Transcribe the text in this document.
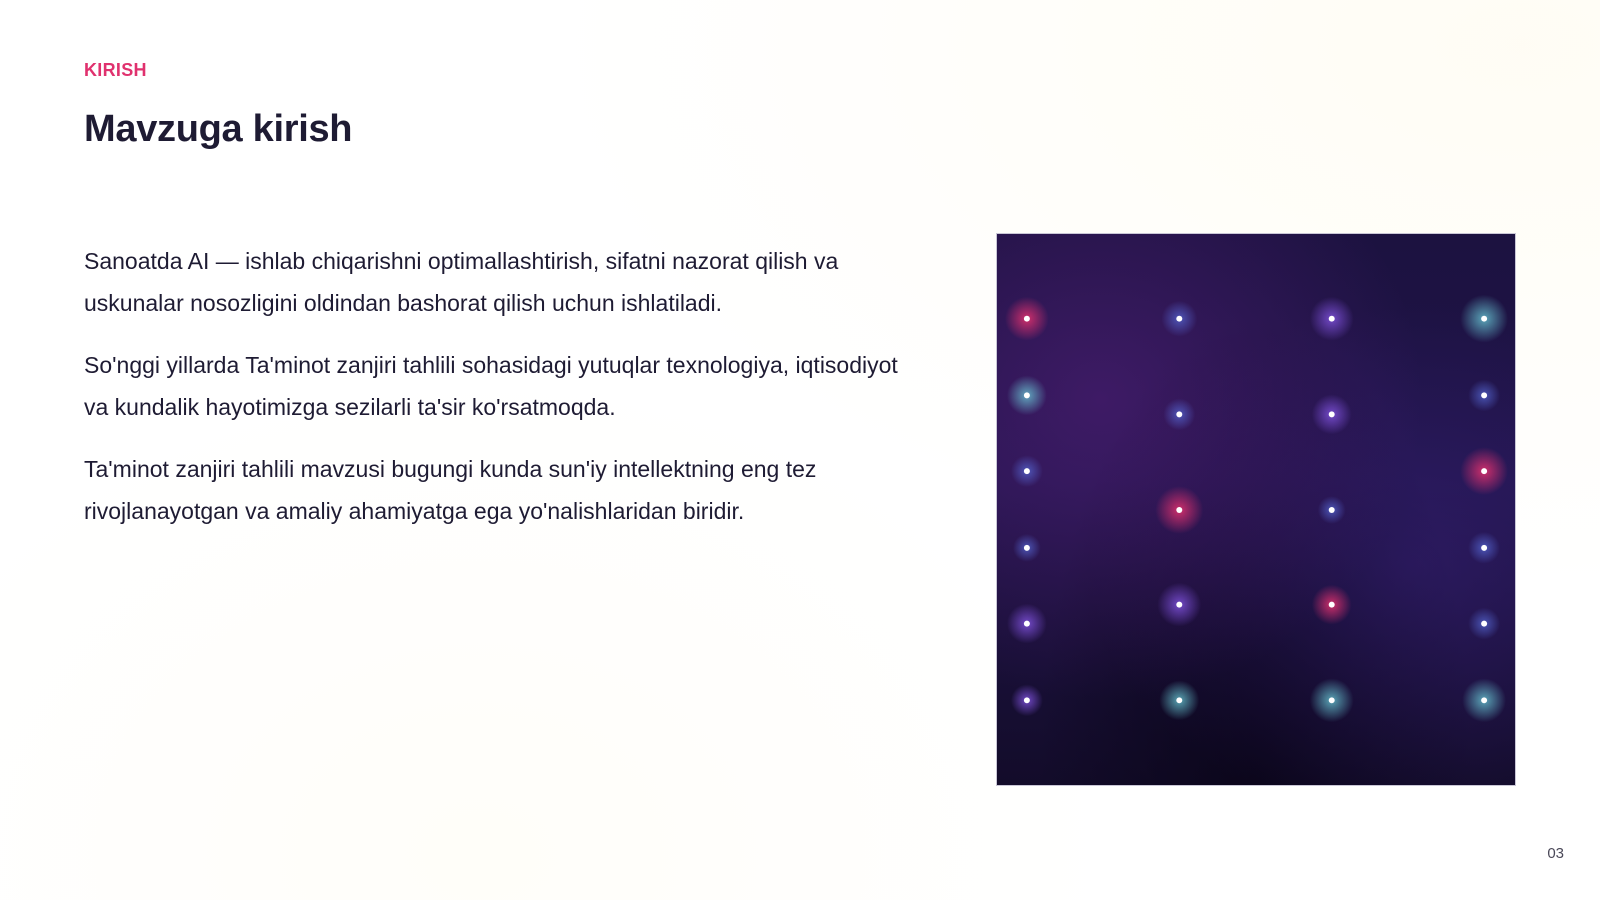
KIRISH
Mavzuga kirish

Sanoatda AI — ishlab chiqarishni optimallashtirish, sifatni nazorat qilish va uskunalar nosozligini oldindan bashorat qilish uchun ishlatiladi.

So'nggi yillarda Ta'minot zanjiri tahlili sohasidagi yutuqlar texnologiya, iqtisodiyot va kundalik hayotimizga sezilarli ta'sir ko'rsatmoqda.

Ta'minot zanjiri tahlili mavzusi bugungi kunda sun'iy intellektning eng tez rivojlanayotgan va amaliy ahamiyatga ega yo'nalishlaridan biridir.

03
